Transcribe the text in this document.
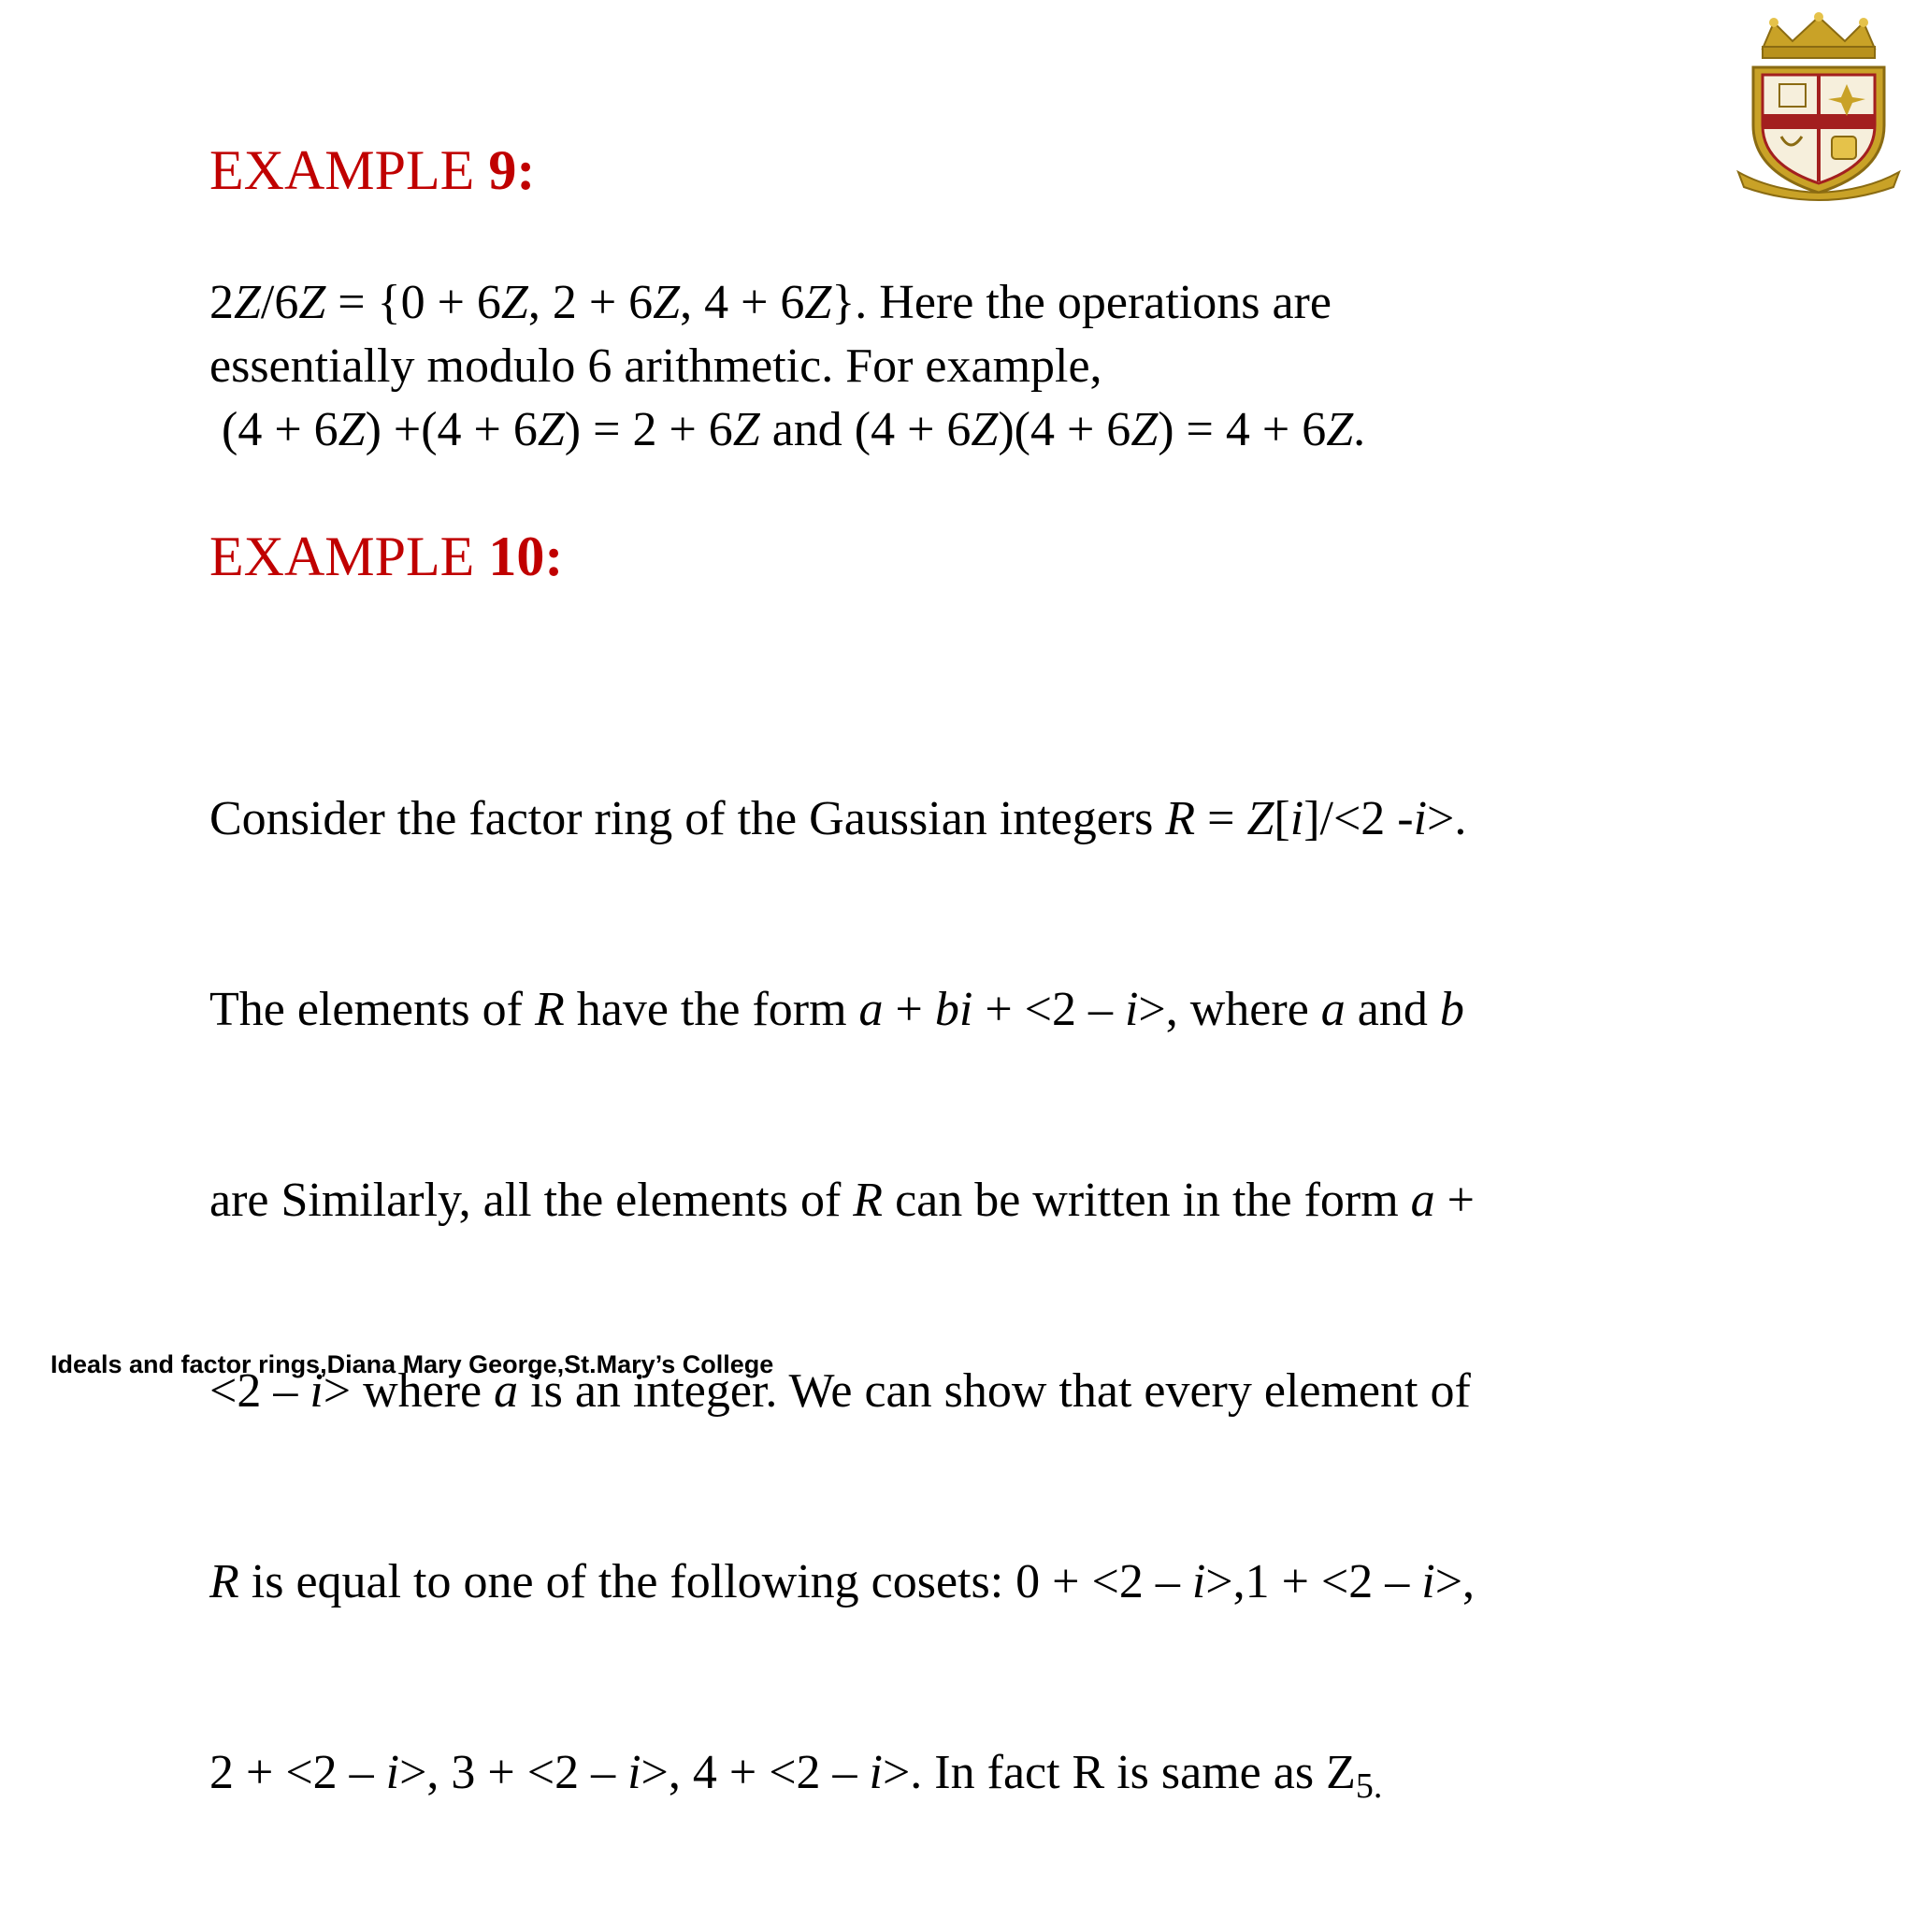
EXAMPLE 9:
2Z/6Z = {0 + 6Z, 2 + 6Z, 4 + 6Z}. Here the operations are
essentially modulo 6 arithmetic. For example,
(4 + 6Z) +(4 + 6Z) = 2 + 6Z and (4 + 6Z)(4 + 6Z) = 4 + 6Z.
EXAMPLE 10:

Consider the factor ring of the Gaussian integers R = Z[i]/<2 -i>.

The elements of R have the form a + bi + <2 – i>, where a and b

are Similarly, all the elements of R can be written in the form a +

<2 – i> where a is an integer. We can show that every element of

R is equal to one of the following cosets: 0 + <2 – i>,1 + <2 – i>,

2 + <2 – i>, 3 + <2 – i>, 4 + <2 – i>. In fact R is same as $Z_{5.}$

Ideals and factor rings,Diana Mary George,St.Mary’s College
